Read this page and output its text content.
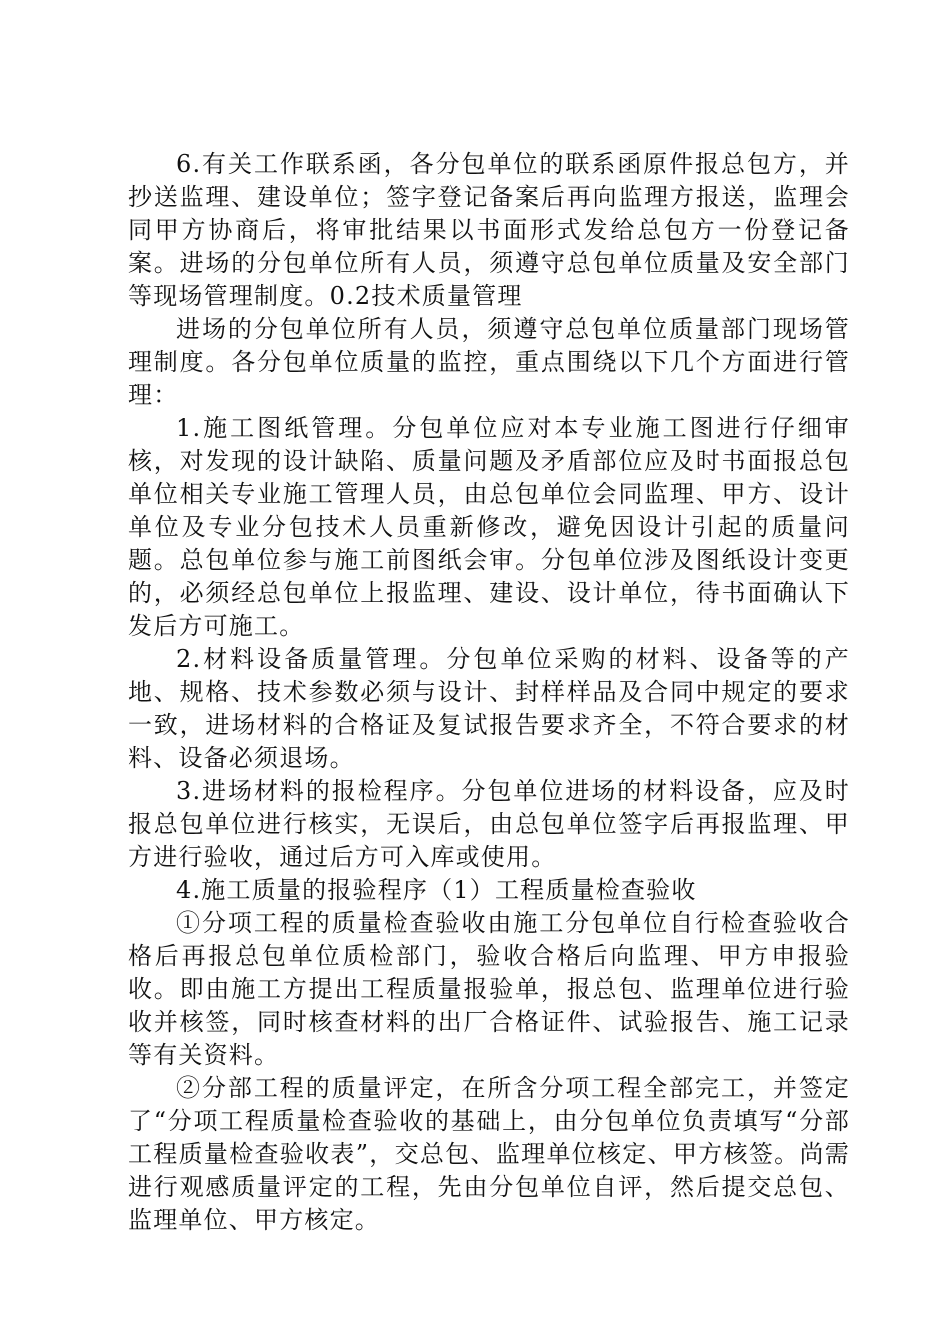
6.有关工作联系函，各分包单位的联系函原件报总包方，并抄送监理、建设单位；签字登记备案后再向监理方报送，监理会同甲方协商后，将审批结果以书面形式发给总包方一份登记备案。进场的分包单位所有人员，须遵守总包单位质量及安全部门等现场管理制度。0.2技术质量管理

进场的分包单位所有人员，须遵守总包单位质量部门现场管理制度。各分包单位质量的监控，重点围绕以下几个方面进行管理：

1.施工图纸管理。分包单位应对本专业施工图进行仔细审核，对发现的设计缺陷、质量问题及矛盾部位应及时书面报总包单位相关专业施工管理人员，由总包单位会同监理、甲方、设计单位及专业分包技术人员重新修改，避免因设计引起的质量问题。总包单位参与施工前图纸会审。分包单位涉及图纸设计变更的，必须经总包单位上报监理、建设、设计单位，待书面确认下发后方可施工。

2.材料设备质量管理。分包单位采购的材料、设备等的产地、规格、技术参数必须与设计、封样样品及合同中规定的要求一致，进场材料的合格证及复试报告要求齐全，不符合要求的材料、设备必须退场。

3.进场材料的报检程序。分包单位进场的材料设备，应及时报总包单位进行核实，无误后，由总包单位签字后再报监理、甲方进行验收，通过后方可入库或使用。

4.施工质量的报验程序（1）工程质量检查验收

①分项工程的质量检查验收由施工分包单位自行检查验收合格后再报总包单位质检部门，验收合格后向监理、甲方申报验收。即由施工方提出工程质量报验单，报总包、监理单位进行验收并核签，同时核查材料的出厂合格证件、试验报告、施工记录等有关资料。

②分部工程的质量评定，在所含分项工程全部完工，并签定了“分项工程质量检查验收的基础上，由分包单位负责填写“分部工程质量检查验收表”，交总包、监理单位核定、甲方核签。尚需进行观感质量评定的工程，先由分包单位自评，然后提交总包、监理单位、甲方核定。
